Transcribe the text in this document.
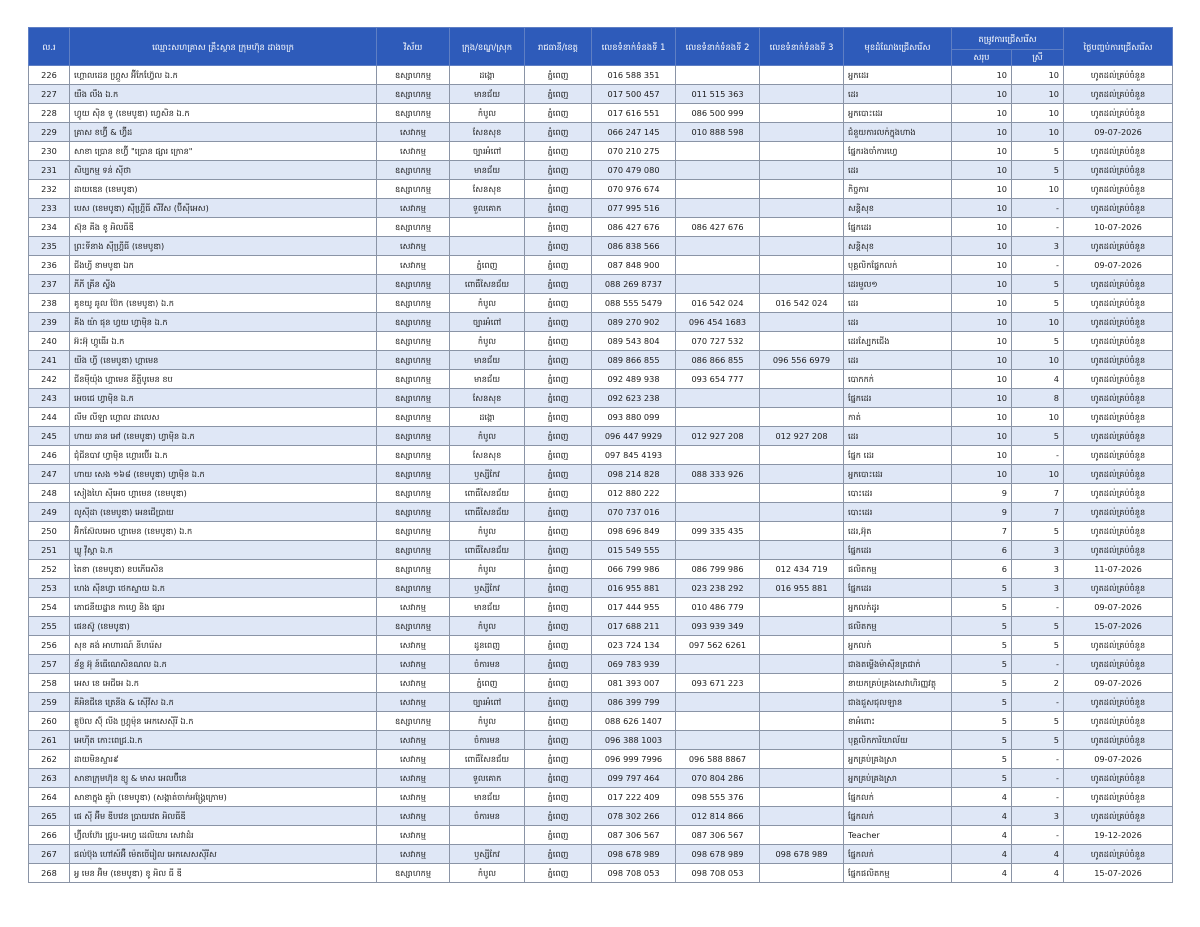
ល.រ	ឈ្មោះសហគ្រាស គ្រឹះស្ថាន ក្រុមហ៊ុន ដាងចក្រ	វិស័យ	ក្រុង/ខណ្ឌ/ស្រុក	រាជធានី/ខេត្ត	លេខទំនាក់ទំនងទី 1	លេខទំនាក់ទំនងទី 2	លេខទំនាក់ទំនងទី 3	មុខដំណែងជ្រើសរើស	តម្រូវការជ្រើសរើស		ថ្ងៃបញ្ចប់ការជ្រើសរើស
									សរុប	ស្រី	
226	ហ្គោលដេន ហ្គ្រួស អ៊ីកែហ្វ៊ែល ឯ.ក	ឧស្សាហកម្ម	ដង្កោ	ភ្នំពេញ	016 588 351			អ្នកដេរ	10	10	ហូតដល់គ្រប់ចំនួន
227	យឺង លឺង ឯ.ក	ឧស្សាហកម្ម	មានជ័យ	ភ្នំពេញ	017 500 457	011 515 363		ដេរ	10	10	ហូតដល់គ្រប់ចំនួន
228	ហ្វូយ ស៊ិន ទូ (ខេមបូឌា) ហ្វេសិន ឯ.ក	ឧស្សាហកម្ម	កំបូល	ភ្នំពេញ	017 616 551	086 500 999		អ្នកបោះដេរ	10	10	ហូតដល់គ្រប់ចំនួន
229	គ្រាស ខហ្វ៊ី & ហ្វ៊ីដ	សេវាកម្ម	សែនសុខ	ភ្នំពេញ	066 247 145	010 888 598		ជំនួយការលក់ក្នុងហាង	10	10	09-07-2026
230	សាខា ប្រោន ខហ្វ៊ី "ប្រោន ផ្សារ ក្រោន"	សេវាកម្ម	ច្បារអំពៅ	ភ្នំពេញ	070 210 275			ផ្នែករងចាំការហ្វេ	10	5	ហូតដល់គ្រប់ចំនួន
231	សិប្បកម្ម ទន់ ស៊ីថា	ឧស្សាហកម្ម	មានជ័យ	ភ្នំពេញ	070 479 080			ដេរ	10	5	ហូតដល់គ្រប់ចំនួន
232	ដាយឌេន (ខេមបូឌា)	ឧស្សាហកម្ម	សែនសុខ	ភ្នំពេញ	070 976 674			កិច្ចការ	10	10	ហូតដល់គ្រប់ចំនួន
233	បេស (ខេមបូឌា) ស៊ីហ្គ្រីធី សឺវីស (ប៊ីស៊ីអេស)	សេវាកម្ម	ទួលគោក	ភ្នំពេញ	077 995 516			សន្តិសុខ	10	-	ហូតដល់គ្រប់ចំនួន
234	ស៊ុន គីង ខូ អិលធីឌី	ឧស្សាហកម្ម		ភ្នំពេញ	086 427 676	086 427 676		ផ្នែកដេរ	10	-	10-07-2026
235	ព្រះទីនាង ស៊ីហ្គ្រីធី (ខេមបូឌា)	សេវាកម្ម		ភ្នំពេញ	086 838 566			សន្តិសុខ	10	3	ហូតដល់គ្រប់ចំនួន
236	ជីងហ្វី ខាមបូឌា ឯក	សេវាកម្ម	ភ្នំពេញ	ភ្នំពេញ	087 848 900			បុគ្គលិកផ្នែកលក់	10	-	09-07-2026
237	ភីភី គ្រីន ស្វីង	ឧស្សាហកម្ម	ពោធិ៍សែនជ័យ	ភ្នំពេញ	088 269 8737			ដេរមួល១	10	5	ហូតដល់គ្រប់ចំនួន
238	គូខយូ ឆូល ប៊ែក (ខេមបូឌា) ឯ.ក	ឧស្សាហកម្ម	កំបូល	ភ្នំពេញ	088 555 5479	016 542 024	016 542 024	ដេរ	10	5	ហូតដល់គ្រប់ចំនួន
239	គីង យ៉ា ផុន ហ្វយ ហ្វាម៉ិន ឯ.ក	ឧស្សាហកម្ម	ច្បារអំពៅ	ភ្នំពេញ	089 270 902	096 454 1683		ដេរ	10	10	ហូតដល់គ្រប់ចំនួន
240	អ៊ះអ៊ុ ហ្គូធើរ ឯ.ក	ឧស្សាហកម្ម	កំបូល	ភ្នំពេញ	089 543 804	070 727 532		ដេរស្បែកជើង	10	5	ហូតដល់គ្រប់ចំនួន
241	យីង ហ្វី (ខេមបូឌា) ហ្គាមេន	ឧស្សាហកម្ម	មានជ័យ	ភ្នំពេញ	089 866 855	086 866 855	096 556 6979	ដេរ	10	10	ហូតដល់គ្រប់ចំនួន
242	ជីនម៉ីយ៉ុង ហ្គាមេន នីត្ទីបូមេន ខប	ឧស្សាហកម្ម	មានជ័យ	ភ្នំពេញ	092 489 938	093 654 777		បោកកក់	10	4	ហូតដល់គ្រប់ចំនួន
243	អេចជេ ហ្វាម៉ិន ឯ.ក	ឧស្សាហកម្ម	សែនសុខ	ភ្នំពេញ	092 623 238			ផ្នែកដេរ	10	8	ហូតដល់គ្រប់ចំនួន
244	លីម លីឡា ហ្គោល ដាលេស	ឧស្សាហកម្ម	ដង្កោ	ភ្នំពេញ	093 880 099			កាត់	10	10	ហូតដល់គ្រប់ចំនួន
245	ហាយ ឆាន អៅ (ខេមបូឌា) ហ្វាម៉ិន ឯ.ក	ឧស្សាហកម្ម	កំបូល	ភ្នំពេញ	096 447 9929	012 927 208	012 927 208	ដេរ	10	5	ហូតដល់គ្រប់ចំនួន
246	ជុំជីនបាវ ហ្វាម៉ិន ហ្គោរប៊ើរ ឯ.ក	ឧស្សាហកម្ម	សែនសុខ	ភ្នំពេញ	097 845 4193			ផ្នែក ដេរ	10	-	ហូតដល់គ្រប់ចំនួន
247	ហាយ សេង ១៦៨ (ខេមបូឌា) ហ្វាម៉ិន ឯ.ក	ឧស្សាហកម្ម	ឫស្សីកែវ	ភ្នំពេញ	098 214 828	088 333 926		អ្នកបោះដេរ	10	10	ហូតដល់គ្រប់ចំនួន
248	សៀងហៃ ស៊ីអេច ហ្គាមេន (ខេមបូឌា)	ឧស្សាហកម្ម	ពោធិ៍សែនជ័យ	ភ្នំពេញ	012 880 222			បោះដេរ	9	7	ហូតដល់គ្រប់ចំនួន
249	លូស៊ីដា (ខេមបូឌា) អេនជើប្រាយ	ឧស្សាហកម្ម	ពោធិ៍សែនជ័យ	ភ្នំពេញ	070 737 016			បោះដេរ	9	7	ហូតដល់គ្រប់ចំនួន
250	អ៊ិកស៊ែលអេច ហ្គាមេន (ខេមបូឌា) ឯ.ក	ឧស្សាហកម្ម	កំបូល	ភ្នំពេញ	098 696 849	099 335 435		ដេរ,អ៊ុត	7	5	ហូតដល់គ្រប់ចំនួន
251	ឃ្លូ វ៉ីស្តា ឯ.ក	ឧស្សាហកម្ម	ពោធិ៍សែនជ័យ	ភ្នំពេញ	015 549 555			ផ្នែកដេរ	6	3	ហូតដល់គ្រប់ចំនួន
252	តៃខា (ខេមបូឌា) ខបភើរេសិន	ឧស្សាហកម្ម	កំបូល	ភ្នំពេញ	066 799 986	086 799 986	012 434 719	ផលិតកម្ម	6	3	11-07-2026
253	ហេង ស៊ីនហ្វា ថេកស្ទាយ ឯ.ក	ឧស្សាហកម្ម	ឫស្សីកែវ	ភ្នំពេញ	016 955 881	023 238 292	016 955 881	ផ្នែកដេរ	5	3	ហូតដល់គ្រប់ចំនួន
254	ភោជនីយដ្ឋាន កាហ្វេ និង ផ្សារ	សេវាកម្ម	មានជ័យ	ភ្នំពេញ	017 444 955	010 486 779		អ្នកលក់ដូរ	5	-	09-07-2026
255	ផេនស៊ូ (ខេមបូឌា)	ឧស្សាហកម្ម	កំបូល	ភ្នំពេញ	017 688 211	093 939 349		ផលិតកម្ម	5	5	15-07-2026
256	សុខ គង់ អាហារណ៍ នីហរ៉េស	សេវាកម្ម	ដូនពេញ	ភ្នំពេញ	023 724 134	097 562 6261		អ្នកលក់	5	5	ហូតដល់គ្រប់ចំនួន
257	ន័ន្ទ អ៊ុ ន៍ធើណេសិនណល ឯ.ក	សេវាកម្ម	ចំការមន	ភ្នំពេញ	069 783 939			ជាងតម្លើងម៉ាស៊ីនត្រជាក់	5	-	ហូតដល់គ្រប់ចំនួន
258	អេស ខេ អេជីអេ ឯ.ក	សេវាកម្ម	ភ្នំពេញ	ភ្នំពេញ	081 393 007	093 671 223		នាយកគ្រប់គ្រងសេវាហិរញ្ញវត្ថុ	5	2	09-07-2026
259	គីអិនជីនេ ត្រេនីង & ស៊ើវីស ឯ.ក	សេវាកម្ម	ច្បារអំពៅ	ភ្នំពេញ	086 399 799			ជាងជួសជុលឡាន	5	-	ហូតដល់គ្រប់ចំនួន
260	គ្លូប៊ល ស៊ុ៍ លីង ហ្គ្រុម៉ុន អេកសេស៊ីរី ឯ.ក	ឧស្សាហកម្ម	កំបូល	ភ្នំពេញ	088 626 1407			ខាអំពោះ	5	5	ហូតដល់គ្រប់ចំនួន
261	អេហ៊ីត កោះពេជ្រ.ឯ.ក	សេវាកម្ម	ចំការមន	ភ្នំពេញ	096 388 1003			បុគ្គលិកការិយាល័យ	5	5	ហូតដល់គ្រប់ចំនួន
262	ដាយមិនស្ទារ៩	សេវាកម្ម	ពោធិ៍សែនជ័យ	ភ្នំពេញ	096 999 7996	096 588 8867		អ្នកគ្រប់គ្រងស្រា	5	-	09-07-2026
263	សាខាក្រុមហ៊ុន ខ្យូ & មាស អេលប៊ីនេ	សេវាកម្ម	ទួលគោក	ភ្នំពេញ	099 797 464	070 804 286		អ្នកគ្រប់គ្រងស្រា	5	-	ហូតដល់គ្រប់ចំនួន
264	សាខាក្នុង គ្មូរ៉ា (ខេមបូឌា) (សង្កាត់ចាក់អង្គ្រែក្រោម)	សេវាកម្ម	មានជ័យ	ភ្នំពេញ	017 222 409	098 555 376		ផ្នែកលក់	4	-	ហូតដល់គ្រប់ចំនួន
265	ផេ ស៊ី អ៊ីម ឌីបវេន ប្រាយវេត អិលធីឌី	សេវាកម្ម	ចំការមន	ភ្នំពេញ	078 302 266	012 814 866		ផ្នែកលក់	4	3	ហូតដល់គ្រប់ចំនួន
266	ហ្វ៊ីលហ៊ែរ ជ្រូប-អេហ្វ ដេលិយារ សេវាដំរ	សេវាកម្ម		ភ្នំពេញ	087 306 567	087 306 567		Teacher	4	-	19-12-2026
267	ផល់ប៊ុង ហៅស៍អ៊ឺ ម៉េតចើរៀល អេកសេសស៊ីរីស	សេវាកម្ម	ឫស្សីកែវ	ភ្នំពេញ	098 678 989	098 678 989	098 678 989	ផ្នែកលក់	4	4	ហូតដល់គ្រប់ចំនួន
268	អ្វ មេន អ៊ិម (ខេមបូឌា) ខូ អិល ធី ឌី	ឧស្សាហកម្ម	កំបូល	ភ្នំពេញ	098 708 053	098 708 053		ផ្នែកផលិតកម្ម	4	4	15-07-2026
